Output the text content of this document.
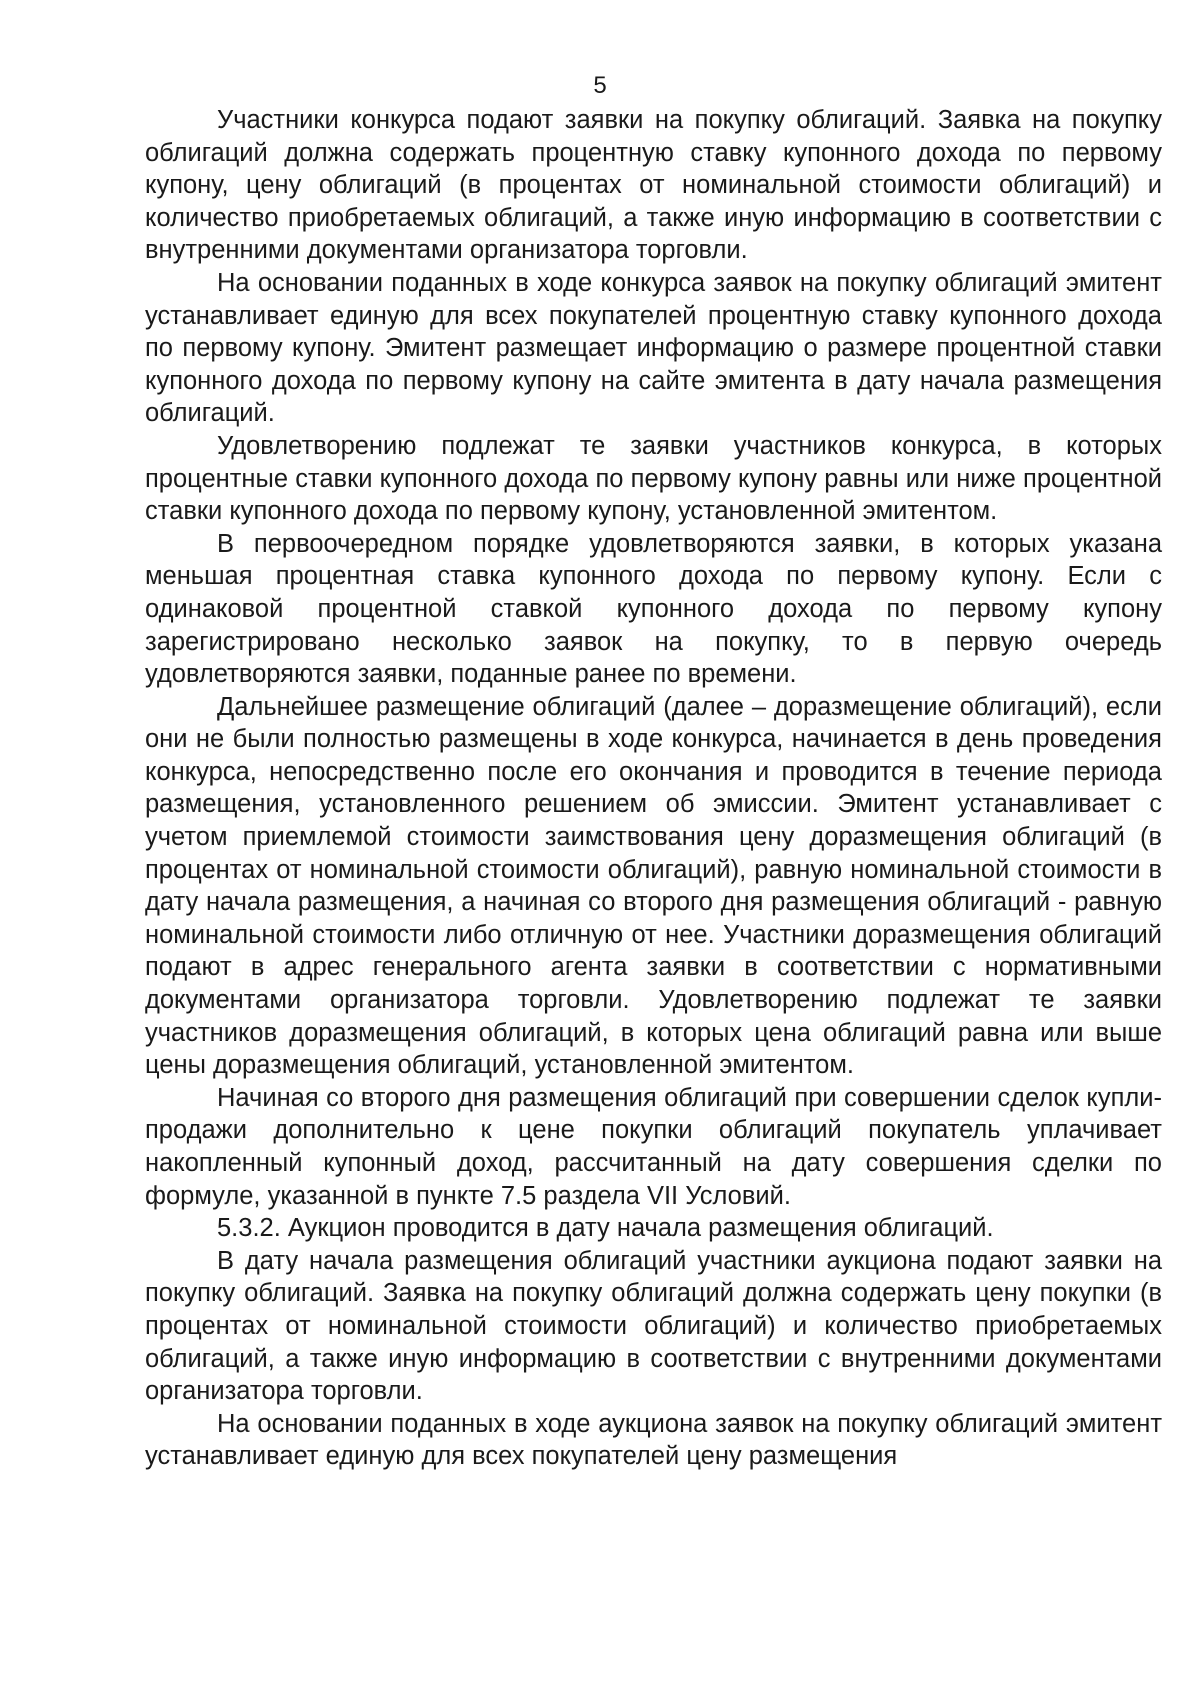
5

Участники конкурса подают заявки на покупку облигаций. Заявка на покупку облигаций должна содержать процентную ставку купонного дохода по первому купону, цену облигаций (в процентах от номинальной стоимости облигаций) и количество приобретаемых облигаций, а также иную информацию в соответствии с внутренними документами организатора торговли.

На основании поданных в ходе конкурса заявок на покупку облигаций эмитент устанавливает единую для всех покупателей процентную ставку купонного дохода по первому купону. Эмитент размещает информацию о размере процентной ставки купонного дохода по первому купону на сайте эмитента в дату начала размещения облигаций.

Удовлетворению подлежат те заявки участников конкурса, в которых процентные ставки купонного дохода по первому купону равны или ниже процентной ставки купонного дохода по первому купону, установленной эмитентом.

В первоочередном порядке удовлетворяются заявки, в которых указана меньшая процентная ставка купонного дохода по первому купону. Если с одинаковой процентной ставкой купонного дохода по первому купону зарегистрировано несколько заявок на покупку, то в первую очередь удовлетворяются заявки, поданные ранее по времени.

Дальнейшее размещение облигаций (далее – доразмещение облигаций), если они не были полностью размещены в ходе конкурса, начинается в день проведения конкурса, непосредственно после его окончания и проводится в течение периода размещения, установленного решением об эмиссии. Эмитент устанавливает с учетом приемлемой стоимости заимствования цену доразмещения облигаций (в процентах от номинальной стоимости облигаций), равную номинальной стоимости в дату начала размещения, а начиная со второго дня размещения облигаций - равную номинальной стоимости либо отличную от нее. Участники доразмещения облигаций подают в адрес генерального агента заявки в соответствии с нормативными документами организатора торговли. Удовлетворению подлежат те заявки участников доразмещения облигаций, в которых цена облигаций равна или выше цены доразмещения облигаций, установленной эмитентом.

Начиная со второго дня размещения облигаций при совершении сделок купли-продажи дополнительно к цене покупки облигаций покупатель уплачивает накопленный купонный доход, рассчитанный на дату совершения сделки по формуле, указанной в пункте 7.5 раздела VII Условий.

5.3.2. Аукцион проводится в дату начала размещения облигаций.

В дату начала размещения облигаций участники аукциона подают заявки на покупку облигаций. Заявка на покупку облигаций должна содержать цену покупки (в процентах от номинальной стоимости облигаций) и количество приобретаемых облигаций, а также иную информацию в соответствии с внутренними документами организатора торговли.

На основании поданных в ходе аукциона заявок на покупку облигаций эмитент устанавливает единую для всех покупателей цену размещения
